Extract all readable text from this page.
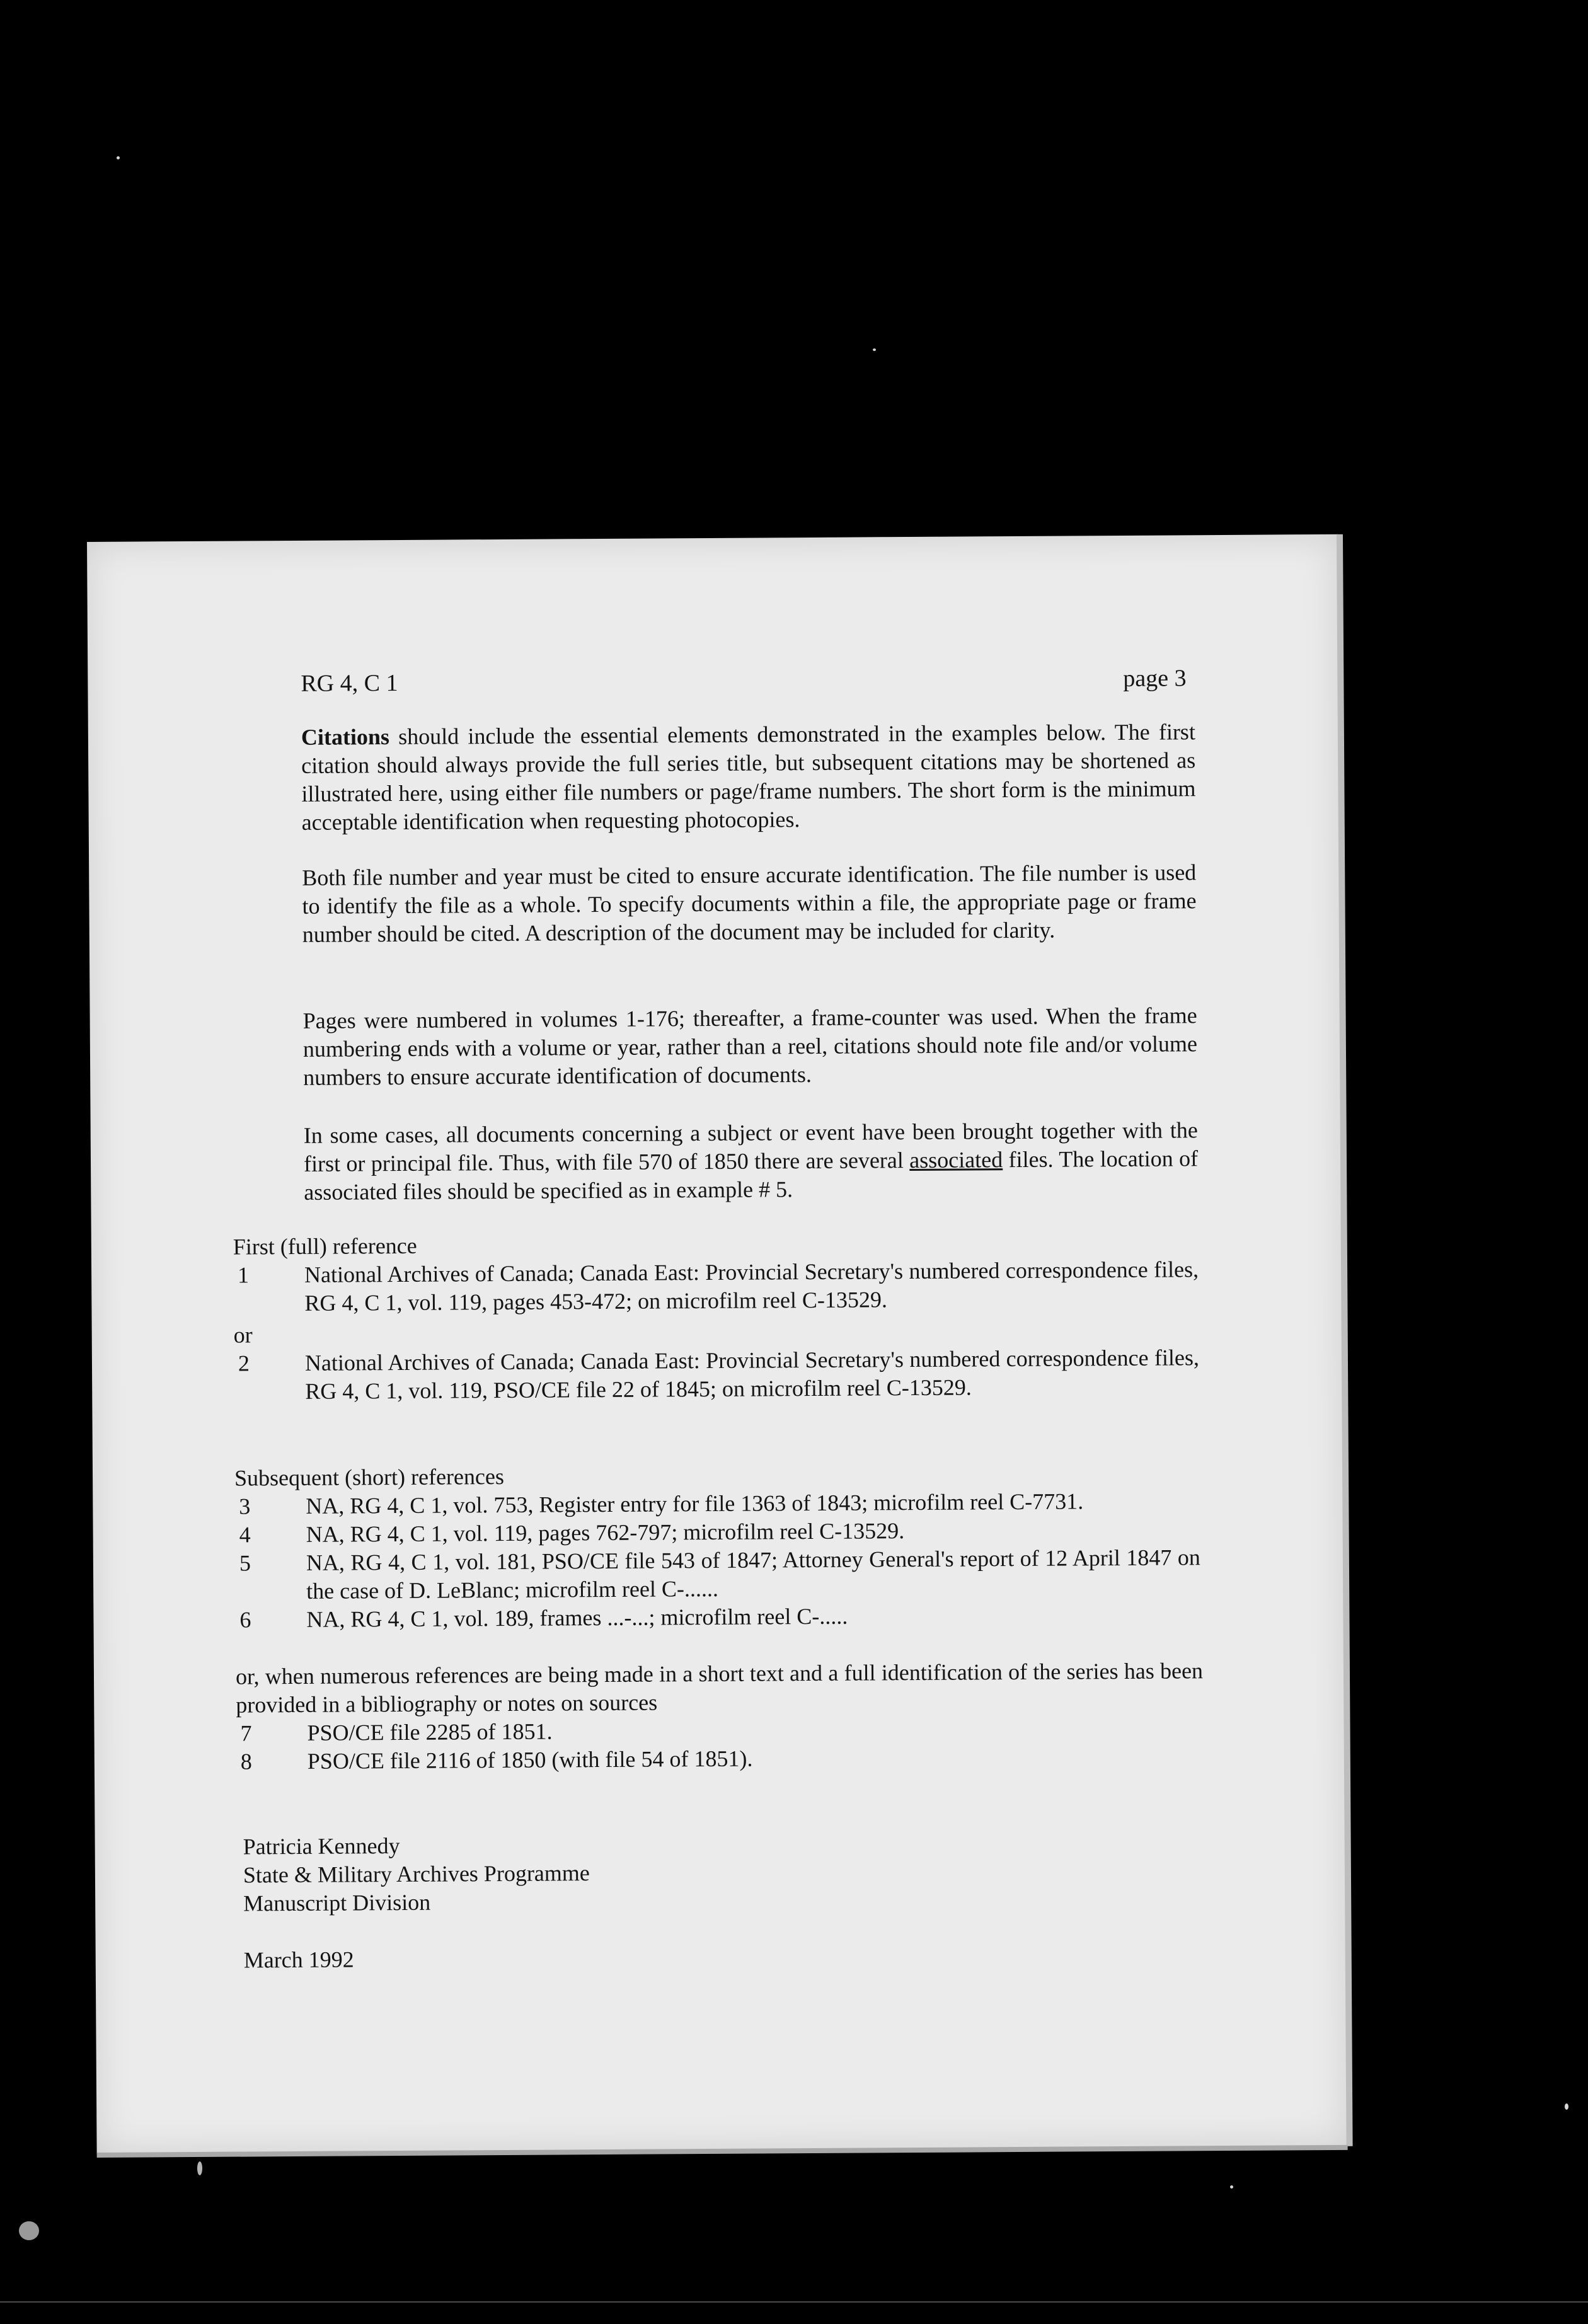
RG 4, C 1	page 3

Citations should include the essential elements demonstrated in the examples below. The first citation should always provide the full series title, but subsequent citations may be shortened as illustrated here, using either file numbers or page/frame numbers. The short form is the minimum acceptable identification when requesting photocopies.

Both file number and year must be cited to ensure accurate identification. The file number is used to identify the file as a whole. To specify documents within a file, the appropriate page or frame number should be cited. A description of the document may be included for clarity.

Pages were numbered in volumes 1-176; thereafter, a frame-counter was used. When the frame numbering ends with a volume or year, rather than a reel, citations should note file and/or volume numbers to ensure accurate identification of documents.

In some cases, all documents concerning a subject or event have been brought together with the first or principal file. Thus, with file 570 of 1850 there are several associated files. The location of associated files should be specified as in example # 5.

First (full) reference
1 National Archives of Canada; Canada East: Provincial Secretary's numbered correspondence files, RG 4, C 1, vol. 119, pages 453-472; on microfilm reel C-13529.
or
2 National Archives of Canada; Canada East: Provincial Secretary's numbered correspondence files, RG 4, C 1, vol. 119, PSO/CE file 22 of 1845; on microfilm reel C-13529.
Subsequent (short) references
3 NA, RG 4, C 1, vol. 753, Register entry for file 1363 of 1843; microfilm reel C-7731.
4 NA, RG 4, C 1, vol. 119, pages 762-797; microfilm reel C-13529.
5 NA, RG 4, C 1, vol. 181, PSO/CE file 543 of 1847; Attorney General's report of 12 April 1847 on the case of D. LeBlanc; microfilm reel C-......
6 NA, RG 4, C 1, vol. 189, frames ...-...; microfilm reel C-.....
or, when numerous references are being made in a short text and a full identification of the series has been provided in a bibliography or notes on sources
7 PSO/CE file 2285 of 1851.
8 PSO/CE file 2116 of 1850 (with file 54 of 1851).
Patricia Kennedy
State & Military Archives Programme
Manuscript Division
March 1992
